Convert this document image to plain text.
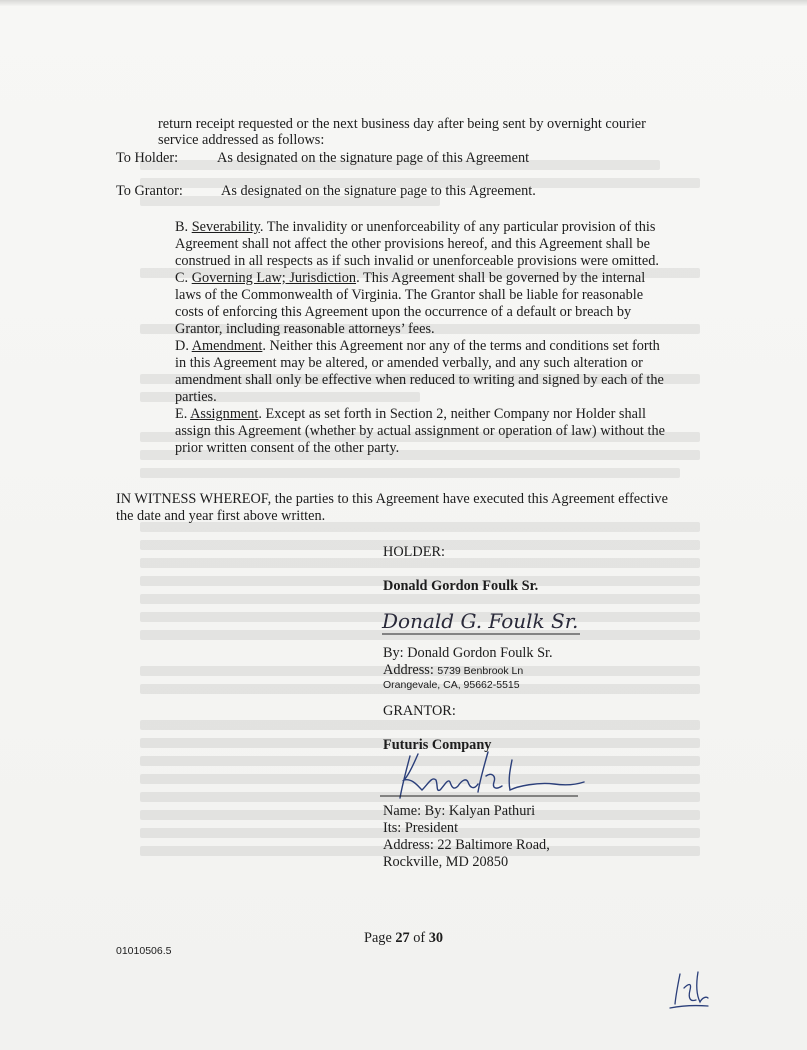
return receipt requested or the next business day after being sent by overnight courier
service addressed as follows:
To Holder:	As designated on the signature page of this Agreement
To Grantor:	As designated on the signature page to this Agreement.
B. Severability. The invalidity or unenforceability of any particular provision of this
Agreement shall not affect the other provisions hereof, and this Agreement shall be
construed in all respects as if such invalid or unenforceable provisions were omitted.
C. Governing Law; Jurisdiction. This Agreement shall be governed by the internal
laws of the Commonwealth of Virginia. The Grantor shall be liable for reasonable
costs of enforcing this Agreement upon the occurrence of a default or breach by
Grantor, including reasonable attorneys’ fees.
D. Amendment. Neither this Agreement nor any of the terms and conditions set forth
in this Agreement may be altered, or amended verbally, and any such alteration or
amendment shall only be effective when reduced to writing and signed by each of the
parties.
E. Assignment. Except as set forth in Section 2, neither Company nor Holder shall
assign this Agreement (whether by actual assignment or operation of law) without the
prior written consent of the other party.
IN WITNESS WHEREOF, the parties to this Agreement have executed this Agreement effective
the date and year first above written.
HOLDER:
Donald Gordon Foulk Sr.
Donald G. Foulk Sr.
By: Donald Gordon Foulk Sr.
Address: 5739 Benbrook Ln
Orangevale, CA, 95662-5515
GRANTOR:
Futuris Company
Name: By: Kalyan Pathuri
Its: President
Address: 22 Baltimore Road,
Rockville, MD 20850
Page 27 of 30
01010506.5
